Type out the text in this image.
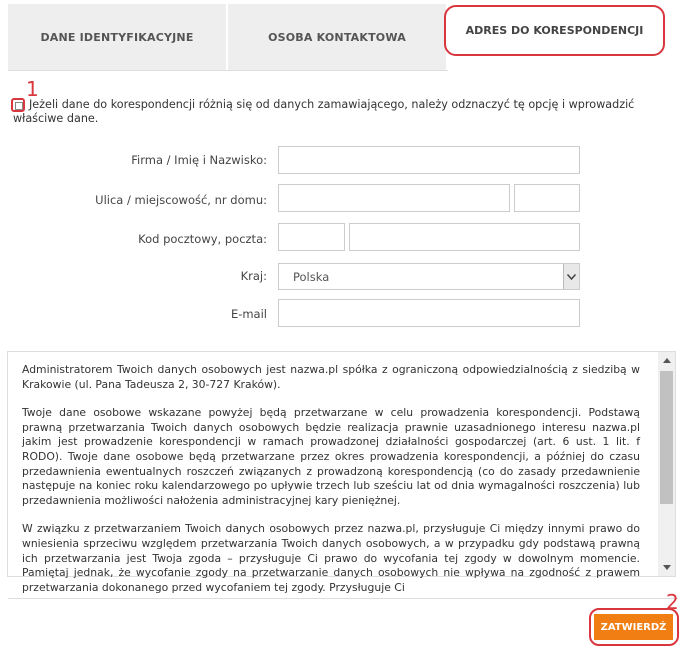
DANE IDENTYFIKACYJNE	OSOBA KONTAKTOWA	ADRES DO KORESPONDENCJI
1
Jeżeli dane do korespondencji różnią się od danych zamawiającego, należy odznaczyć tę opcję i wprowadzić właściwe dane.
Firma / Imię i Nazwisko:
Ulica / miejscowość, nr domu:
Kod pocztowy, poczta:
Kraj: Polska
E-mail

Administratorem Twoich danych osobowych jest nazwa.pl spółka z ograniczoną odpowiedzialnością z siedzibą w Krakowie (ul. Pana Tadeusza 2, 30-727 Kraków).

Twoje dane osobowe wskazane powyżej będą przetwarzane w celu prowadzenia korespondencji. Podstawą prawną przetwarzania Twoich danych osobowych będzie realizacja prawnie uzasadnionego interesu nazwa.pl jakim jest prowadzenie korespondencji w ramach prowadzonej działalności gospodarczej (art. 6 ust. 1 lit. f RODO). Twoje dane osobowe będą przetwarzane przez okres prowadzenia korespondencji, a później do czasu przedawnienia ewentualnych roszczeń związanych z prowadzoną korespondencją (co do zasady przedawnienie następuje na koniec roku kalendarzowego po upływie trzech lub sześciu lat od dnia wymagalności roszczenia) lub przedawnienia możliwości nałożenia administracyjnej kary pieniężnej.

W związku z przetwarzaniem Twoich danych osobowych przez nazwa.pl, przysługuje Ci między innymi prawo do wniesienia sprzeciwu względem przetwarzania Twoich danych osobowych, a w przypadku gdy podstawą prawną ich przetwarzania jest Twoja zgoda – przysługuje Ci prawo do wycofania tej zgody w dowolnym momencie. Pamiętaj jednak, że wycofanie zgody na przetwarzanie danych osobowych nie wpływa na zgodność z prawem przetwarzania dokonanego przed wycofaniem tej zgody. Przysługuje Ci

2
ZATWIERDŹ
